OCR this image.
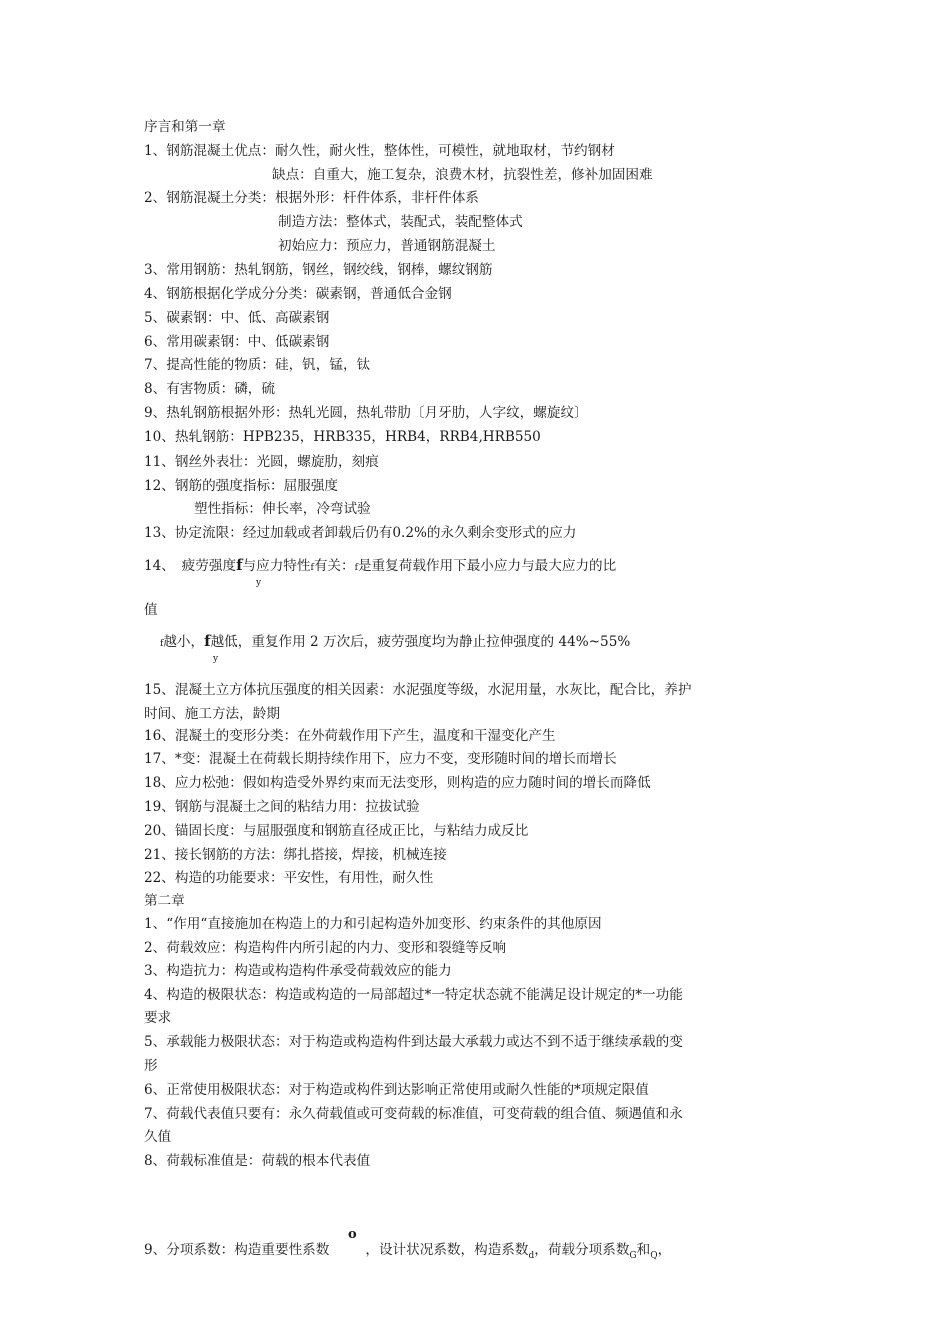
序言和第一章
1、钢筋混凝土优点：耐久性，耐火性，整体性，可模性，就地取材，节约钢材
缺点：自重大，施工复杂，浪费木材，抗裂性差，修补加固困难
2、钢筋混凝土分类：根据外形：杆件体系，非杆件体系
制造方法：整体式，装配式，装配整体式
初始应力：预应力，普通钢筋混凝土
3、常用钢筋：热轧钢筋，钢丝，钢绞线，钢棒，螺纹钢筋
4、钢筋根据化学成分分类：碳素钢，普通低合金钢
5、碳素钢：中、低、高碳素钢
6、常用碳素钢：中、低碳素钢
7、提高性能的物质：硅，钒，锰，钛
8、有害物质：磷，硫
9、热轧钢筋根据外形：热轧光圆，热轧带肋〔月牙肋，人字纹，螺旋纹〕
10、热轧钢筋：HPB235，HRB335，HRB4，RRB4,HRB550
11、钢丝外表壮：光圆，螺旋肋，刻痕
12、钢筋的强度指标：屈服强度
塑性指标：伸长率，冷弯试验
13、协定流限：经过加载或者卸载后仍有0.2%的永久剩余变形式的应力
14、　疲劳强度f与应力特性f有关：f是重复荷载作用下最小应力与最大应力的比
y
值
f越小，f越低，重复作用 2 万次后，疲劳强度均为静止拉伸强度的 44%~55%
y
15、混凝土立方体抗压强度的相关因素：水泥强度等级，水泥用量，水灰比，配合比，养护
时间、施工方法，龄期
16、混凝土的变形分类：在外荷载作用下产生，温度和干湿变化产生
17、*变：混凝土在荷载长期持续作用下，应力不变，变形随时间的增长而增长
18、应力松弛：假如构造受外界约束而无法变形，则构造的应力随时间的增长而降低
19、钢筋与混凝土之间的粘结力用：拉拔试验
20、锚固长度：与屈服强度和钢筋直径成正比，与粘结力成反比
21、接长钢筋的方法：绑扎搭接，焊接，机械连接
22、构造的功能要求：平安性，有用性，耐久性
第二章
1、“作用“直接施加在构造上的力和引起构造外加变形、约束条件的其他原因
2、荷载效应：构造构件内所引起的内力、变形和裂缝等反响
3、构造抗力：构造或构造构件承受荷载效应的能力
4、构造的极限状态：构造或构造的一局部超过*一特定状态就不能满足设计规定的*一功能
要求
5、承载能力极限状态：对于构造或构造构件到达最大承载力或达不到不适于继续承载的变
形
6、正常使用极限状态：对于构造或构件到达影响正常使用或耐久性能的*项规定限值
7、荷载代表值只要有：永久荷载值或可变荷载的标准值，可变荷载的组合值、频遇值和永
久值
8、荷载标准值是：荷载的根本代表值
o
9、分项系数：构造重要性系数	，设计状况系数，构造系数$_d$，荷载分项系数$_G$和$_Q$，
